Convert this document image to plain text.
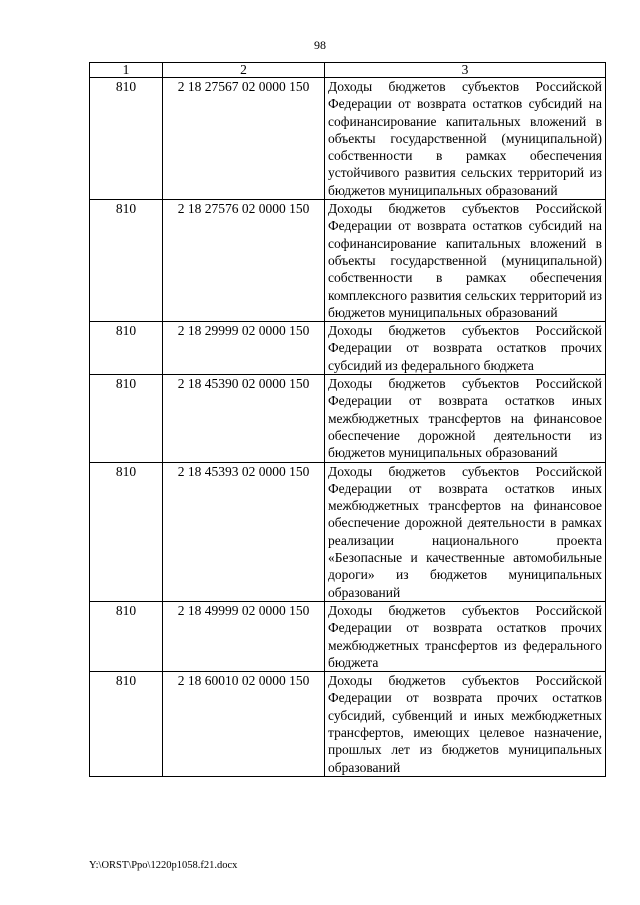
98
1	2	3
810	2 18 27567 02 0000 150	Доходы бюджетов субъектов Российской Федерации от возврата остатков субсидий на софинансирование капитальных вложений в объекты государственной (муниципальной) собственности в рамках обеспечения устойчивого развития сельских территорий из бюджетов муниципальных образований
810	2 18 27576 02 0000 150	Доходы бюджетов субъектов Российской Федерации от возврата остатков субсидий на софинансирование капитальных вложений в объекты государственной (муниципальной) собственности в рамках обеспечения комплексного развития сельских территорий из бюджетов муниципальных образований
810	2 18 29999 02 0000 150	Доходы бюджетов субъектов Российской Федерации от возврата остатков прочих субсидий из федерального бюджета
810	2 18 45390 02 0000 150	Доходы бюджетов субъектов Российской Федерации от возврата остатков иных межбюджетных трансфертов на финансовое обеспечение дорожной деятельности из бюджетов муниципальных образований
810	2 18 45393 02 0000 150	Доходы бюджетов субъектов Российской Федерации от возврата остатков иных межбюджетных трансфертов на финансовое обеспечение дорожной деятельности в рамках реализации национального проекта «Безопасные и качественные автомобильные дороги» из бюджетов муниципальных образований
810	2 18 49999 02 0000 150	Доходы бюджетов субъектов Российской Федерации от возврата остатков прочих межбюджетных трансфертов из федерального бюджета
810	2 18 60010 02 0000 150	Доходы бюджетов субъектов Российской Федерации от возврата прочих остатков субсидий, субвенций и иных межбюджетных трансфертов, имеющих целевое назначение, прошлых лет из бюджетов муниципальных образований
Y:\ORST\Ppo\1220p1058.f21.docx
